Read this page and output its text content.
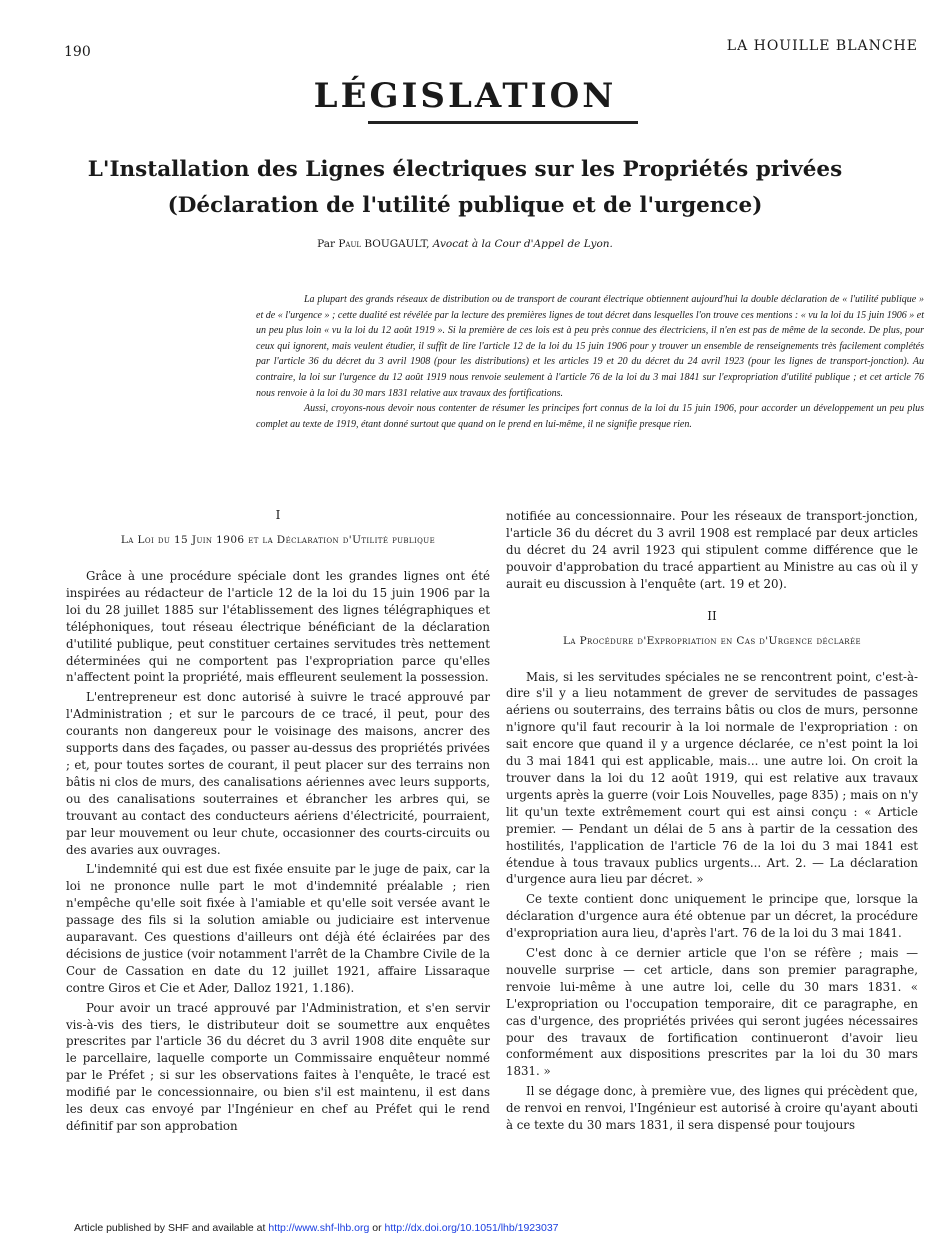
190	LA HOUILLE BLANCHE
LÉGISLATION
L'Installation des Lignes électriques sur les Propriétés privées
(Déclaration de l'utilité publique et de l'urgence)
Par Paul BOUGAULT, Avocat à la Cour d'Appel de Lyon.

La plupart des grands réseaux de distribution ou de transport de courant électrique obtiennent aujourd'hui la double déclaration de « l'utilité publique » et de « l'urgence » ; cette dualité est révélée par la lecture des premières lignes de tout décret dans lesquelles l'on trouve ces mentions : « vu la loi du 15 juin 1906 » et un peu plus loin « vu la loi du 12 août 1919 ». Si la première de ces lois est à peu près connue des électriciens, il n'en est pas de même de la seconde. De plus, pour ceux qui ignorent, mais veulent étudier, il suffit de lire l'article 12 de la loi du 15 juin 1906 pour y trouver un ensemble de renseignements très facilement complétés par l'article 36 du décret du 3 avril 1908 (pour les distributions) et les articles 19 et 20 du décret du 24 avril 1923 (pour les lignes de transport-jonction). Au contraire, la loi sur l'urgence du 12 août 1919 nous renvoie seulement à l'article 76 de la loi du 3 mai 1841 sur l'expropriation d'utilité publique ; et cet article 76 nous renvoie à la loi du 30 mars 1831 relative aux travaux des fortifications.

Aussi, croyons-nous devoir nous contenter de résumer les principes fort connus de la loi du 15 juin 1906, pour accorder un développement un peu plus complet au texte de 1919, étant donné surtout que quand on le prend en lui-même, il ne signifie presque rien.

I

La Loi du 15 Juin 1906 et la Déclaration d'Utilité publique

Grâce à une procédure spéciale dont les grandes lignes ont été inspirées au rédacteur de l'article 12 de la loi du 15 juin 1906 par la loi du 28 juillet 1885 sur l'établissement des lignes télégraphiques et téléphoniques, tout réseau électrique bénéficiant de la déclaration d'utilité publique, peut constituer certaines servitudes très nettement déterminées qui ne comportent pas l'expropriation parce qu'elles n'affectent point la propriété, mais effleurent seulement la possession.

L'entrepreneur est donc autorisé à suivre le tracé approuvé par l'Administration ; et sur le parcours de ce tracé, il peut, pour des courants non dangereux pour le voisinage des maisons, ancrer des supports dans des façades, ou passer au-dessus des propriétés privées ; et, pour toutes sortes de courant, il peut placer sur des terrains non bâtis ni clos de murs, des canalisations aériennes avec leurs supports, ou des canalisations souterraines et ébrancher les arbres qui, se trouvant au contact des conducteurs aériens d'électricité, pourraient, par leur mouvement ou leur chute, occasionner des courts-circuits ou des avaries aux ouvrages.

L'indemnité qui est due est fixée ensuite par le juge de paix, car la loi ne prononce nulle part le mot d'indemnité préalable ; rien n'empêche qu'elle soit fixée à l'amiable et qu'elle soit versée avant le passage des fils si la solution amiable ou judiciaire est intervenue auparavant. Ces questions d'ailleurs ont déjà été éclairées par des décisions de justice (voir notamment l'arrêt de la Chambre Civile de la Cour de Cassation en date du 12 juillet 1921, affaire Lissaraque contre Giros et Cie et Ader, Dalloz 1921, 1.186).

Pour avoir un tracé approuvé par l'Administration, et s'en servir vis-à-vis des tiers, le distributeur doit se soumettre aux enquêtes prescrites par l'article 36 du décret du 3 avril 1908 dite enquête sur le parcellaire, laquelle comporte un Commissaire enquêteur nommé par le Préfet ; si sur les observations faites à l'enquête, le tracé est modifié par le concessionnaire, ou bien s'il est maintenu, il est dans les deux cas envoyé par l'Ingénieur en chef au Préfet qui le rend définitif par son approbation

notifiée au concessionnaire. Pour les réseaux de transport-jonction, l'article 36 du décret du 3 avril 1908 est remplacé par deux articles du décret du 24 avril 1923 qui stipulent comme différence que le pouvoir d'approbation du tracé appartient au Ministre au cas où il y aurait eu discussion à l'enquête (art. 19 et 20).

II

La Procédure d'Expropriation en Cas d'Urgence déclarée

Mais, si les servitudes spéciales ne se rencontrent point, c'est-à-dire s'il y a lieu notamment de grever de servitudes de passages aériens ou souterrains, des terrains bâtis ou clos de murs, personne n'ignore qu'il faut recourir à la loi normale de l'expropriation : on sait encore que quand il y a urgence déclarée, ce n'est point la loi du 3 mai 1841 qui est applicable, mais... une autre loi. On croit la trouver dans la loi du 12 août 1919, qui est relative aux travaux urgents après la guerre (voir Lois Nouvelles, page 835) ; mais on n'y lit qu'un texte extrêmement court qui est ainsi conçu : « Article premier. — Pendant un délai de 5 ans à partir de la cessation des hostilités, l'application de l'article 76 de la loi du 3 mai 1841 est étendue à tous travaux publics urgents... Art. 2. — La déclaration d'urgence aura lieu par décret. »

Ce texte contient donc uniquement le principe que, lorsque la déclaration d'urgence aura été obtenue par un décret, la procédure d'expropriation aura lieu, d'après l'art. 76 de la loi du 3 mai 1841.

C'est donc à ce dernier article que l'on se réfère ; mais — nouvelle surprise — cet article, dans son premier paragraphe, renvoie lui-même à une autre loi, celle du 30 mars 1831. « L'expropriation ou l'occupation temporaire, dit ce paragraphe, en cas d'urgence, des propriétés privées qui seront jugées nécessaires pour des travaux de fortification continueront d'avoir lieu conformément aux dispositions prescrites par la loi du 30 mars 1831. »

Il se dégage donc, à première vue, des lignes qui précèdent que, de renvoi en renvoi, l'Ingénieur est autorisé à croire qu'ayant abouti à ce texte du 30 mars 1831, il sera dispensé pour toujours

Article published by SHF and available at http://www.shf-lhb.org or http://dx.doi.org/10.1051/lhb/1923037
